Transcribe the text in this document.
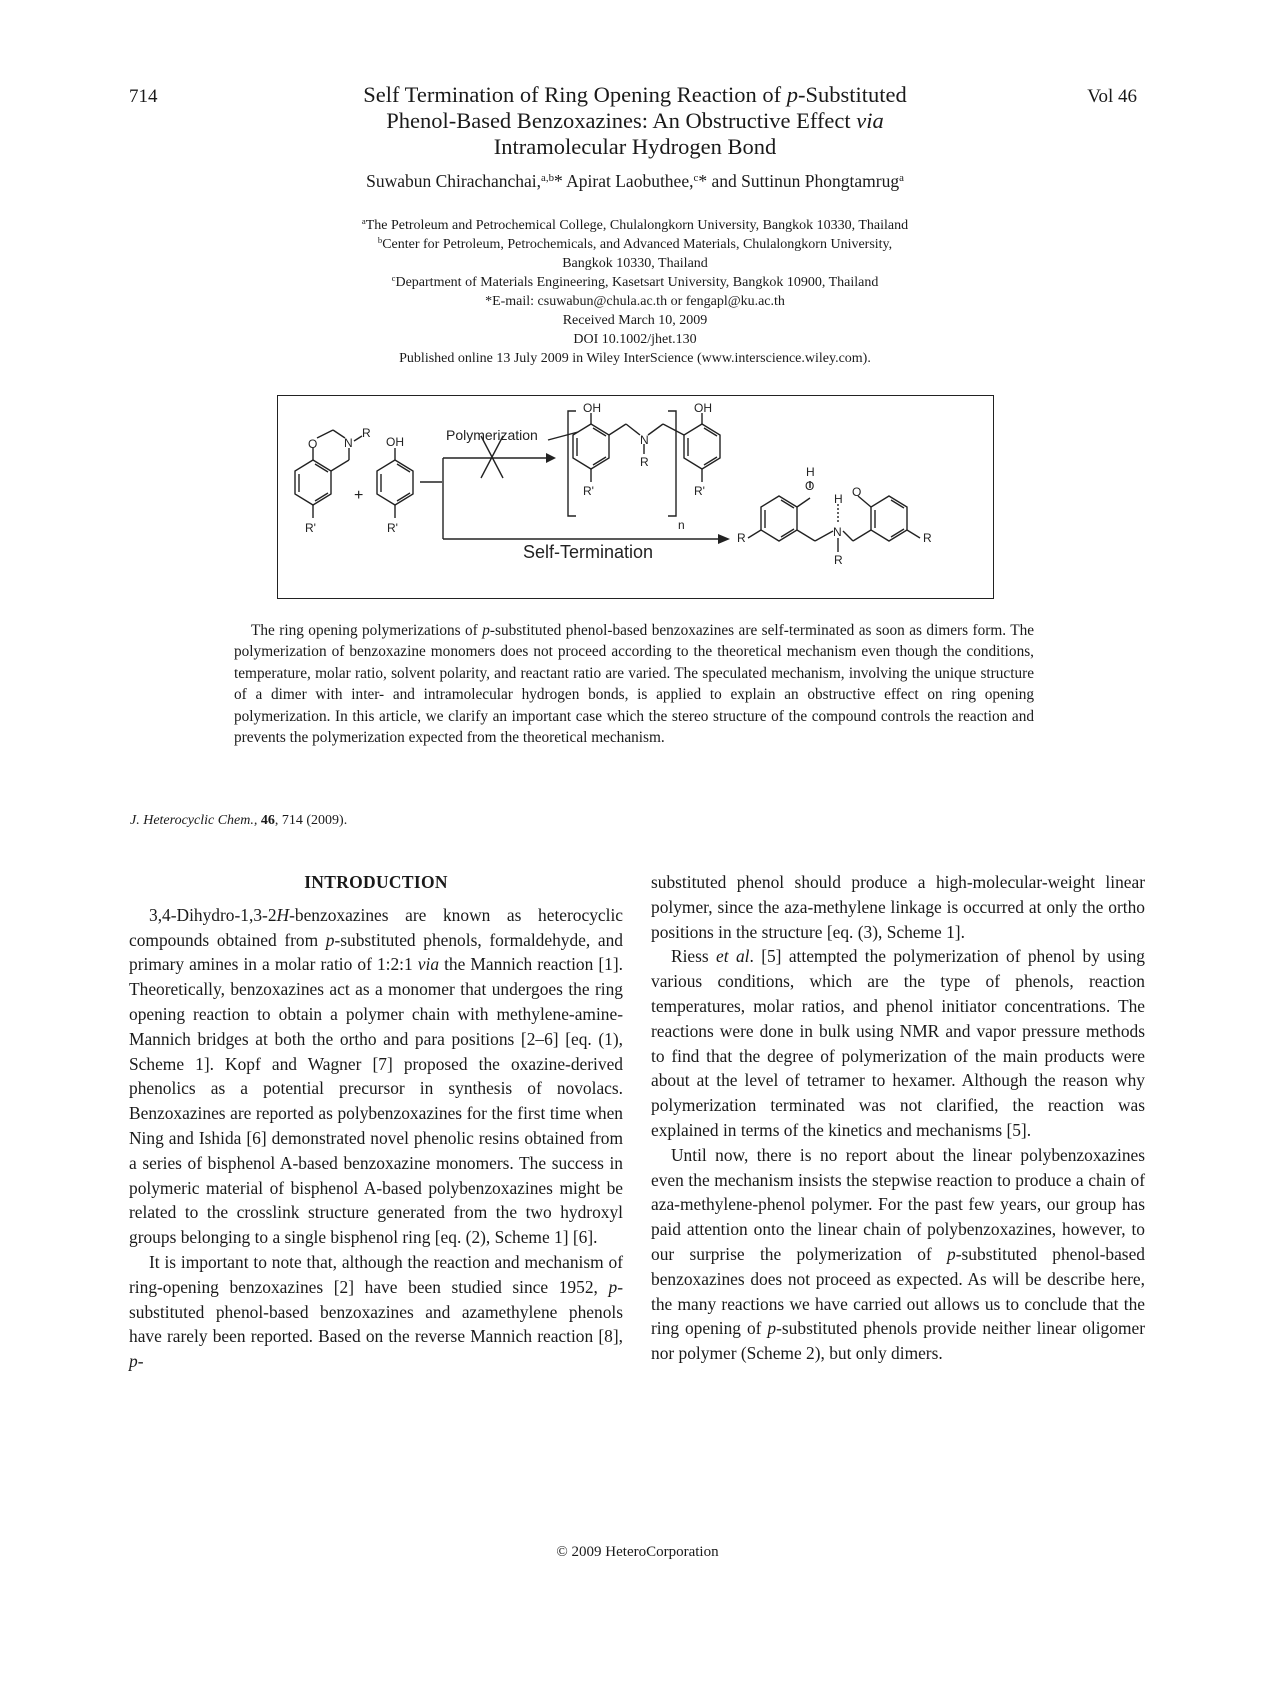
714	Vol 46
Self Termination of Ring Opening Reaction of p-Substituted
Phenol-Based Benzoxazines: An Obstructive Effect via
Intramolecular Hydrogen Bond
Suwabun Chirachanchai,$^{a,b}$* Apirat Laobuthee,$^c$* and Suttinun Phongtamrug$^a$
$^a$The Petroleum and Petrochemical College, Chulalongkorn University, Bangkok 10330, Thailand
$^b$Center for Petroleum, Petrochemicals, and Advanced Materials, Chulalongkorn University,
Bangkok 10330, Thailand
$^c$Department of Materials Engineering, Kasetsart University, Bangkok 10900, Thailand
*E-mail: csuwabun@chula.ac.th or fengapl@ku.ac.th
Received March 10, 2009
DOI 10.1002/jhet.130
Published online 13 July 2009 in Wiley InterScience (www.interscience.wiley.com).
Polymerization
Self-Termination
O N
R
R'
+
OH
R'
OH
R'
N
R
OH
R'
n
R
H
O
H O
N
R
R
The ring opening polymerizations of p-substituted phenol-based benzoxazines are self-terminated as soon as dimers form. The polymerization of benzoxazine monomers does not proceed according to the theoretical mechanism even though the conditions, temperature, molar ratio, solvent polarity, and reactant ratio are varied. The speculated mechanism, involving the unique structure of a dimer with inter- and intramolecular hydrogen bonds, is applied to explain an obstructive effect on ring opening polymerization. In this article, we clarify an important case which the stereo structure of the compound controls the reaction and prevents the polymerization expected from the theoretical mechanism.
J. Heterocyclic Chem., 46, 714 (2009).
INTRODUCTION

3,4-Dihydro-1,3-2H-benzoxazines are known as heterocyclic compounds obtained from p-substituted phenols, formaldehyde, and primary amines in a molar ratio of 1:2:1 via the Mannich reaction [1]. Theoretically, benzoxazines act as a monomer that undergoes the ring opening reaction to obtain a polymer chain with methylene-amine-Mannich bridges at both the ortho and para positions [2–6] [eq. (1), Scheme 1]. Kopf and Wagner [7] proposed the oxazine-derived phenolics as a potential precursor in synthesis of novolacs. Benzoxazines are reported as polybenzoxazines for the first time when Ning and Ishida [6] demonstrated novel phenolic resins obtained from a series of bisphenol A-based benzoxazine monomers. The success in polymeric material of bisphenol A-based polybenzoxazines might be related to the crosslink structure generated from the two hydroxyl groups belonging to a single bisphenol ring [eq. (2), Scheme 1] [6].

It is important to note that, although the reaction and mechanism of ring-opening benzoxazines [2] have been studied since 1952, p-substituted phenol-based benzoxazines and azamethylene phenols have rarely been reported. Based on the reverse Mannich reaction [8], p-

substituted phenol should produce a high-molecular-weight linear polymer, since the aza-methylene linkage is occurred at only the ortho positions in the structure [eq. (3), Scheme 1].

Riess et al. [5] attempted the polymerization of phenol by using various conditions, which are the type of phenols, reaction temperatures, molar ratios, and phenol initiator concentrations. The reactions were done in bulk using NMR and vapor pressure methods to find that the degree of polymerization of the main products were about at the level of tetramer to hexamer. Although the reason why polymerization terminated was not clarified, the reaction was explained in terms of the kinetics and mechanisms [5].

Until now, there is no report about the linear polybenzoxazines even the mechanism insists the stepwise reaction to produce a chain of aza-methylene-phenol polymer. For the past few years, our group has paid attention onto the linear chain of polybenzoxazines, however, to our surprise the polymerization of p-substituted phenol-based benzoxazines does not proceed as expected. As will be describe here, the many reactions we have carried out allows us to conclude that the ring opening of p-substituted phenols provide neither linear oligomer nor polymer (Scheme 2), but only dimers.

© 2009 HeteroCorporation
